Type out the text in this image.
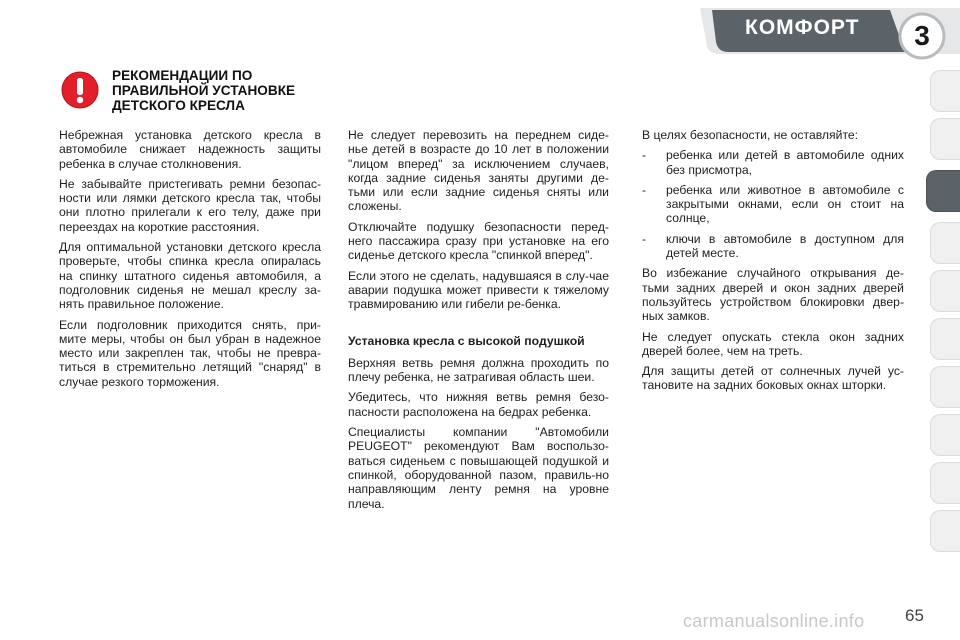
КОМФОРТ	3
РЕКОМЕНДАЦИИ ПО
ПРАВИЛЬНОЙ УСТАНОВКЕ
ДЕТСКОГО КРЕСЛА

Небрежная установка детского кресла в автомобиле снижает надежность защиты ребенка в случае столкновения.

Не забывайте пристегивать ремни безопас-ности или лямки детского кресла так, чтобы они плотно прилегали к его телу, даже при переездах на короткие расстояния.

Для оптимальной установки детского кресла проверьте, чтобы спинка кресла опиралась на спинку штатного сиденья автомобиля, а подголовник сиденья не мешал креслу за-нять правильное положение.

Если подголовник приходится снять, при-мите меры, чтобы он был убран в надежное место или закреплен так, чтобы не превра-титься в стремительно летящий "снаряд" в случае резкого торможения.

Не следует перевозить на переднем сиде-нье детей в возрасте до 10 лет в положении "лицом вперед" за исключением случаев, когда задние сиденья заняты другими де-тьми или если задние сиденья сняты или сложены.

Отключайте подушку безопасности перед-него пассажира сразу при установке на его сиденье детского кресла "спинкой вперед".

Если этого не сделать, надувшаяся в слу-чае аварии подушка может привести к тяжелому травмированию или гибели ре-бенка.

Установка кресла с высокой подушкой

Верхняя ветвь ремня должна проходить по плечу ребенка, не затрагивая область шеи.

Убедитесь, что нижняя ветвь ремня безо-пасности расположена на бедрах ребенка.

Специалисты компании "Автомобили PEUGEOT" рекомендуют Вам воспользо-ваться сиденьем с повышающей подушкой и спинкой, оборудованной пазом, правиль-но направляющим ленту ремня на уровне плеча.

В целях безопасности, не оставляйте:

-	ребенка или детей в автомобиле одних без присмотра,
-	ребенка или животное в автомобиле с закрытыми окнами, если он стоит на солнце,
-	ключи в автомобиле в доступном для детей месте.

Во избежание случайного открывания де-тьми задних дверей и окон задних дверей пользуйтесь устройством блокировки двер-ных замков.

Не следует опускать стекла окон задних дверей более, чем на треть.

Для защиты детей от солнечных лучей ус-тановите на задних боковых окнах шторки.

carmanualsonline.info 65
